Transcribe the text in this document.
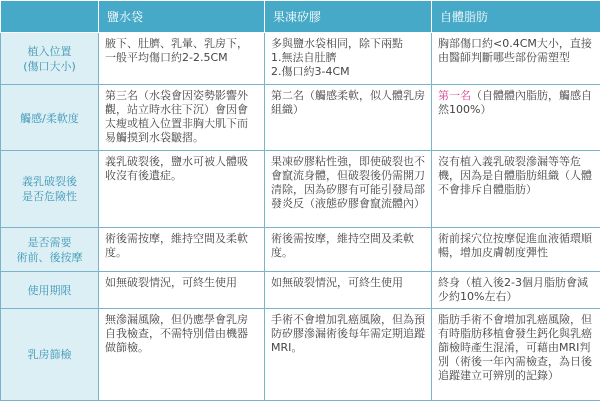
	鹽水袋	果凍矽膠	自體脂肪
植入位置
(傷口大小)	腋下、肚臍、乳暈、乳房下，一般平均傷口約2-2.5CM	多與鹽水袋相同，除下兩點
1.無法自肚臍
2.傷口約3-4CM	胸部傷口約<0.4CM大小，直接由醫師判斷哪些部份需塑型
觸感/柔軟度	第三名（水袋會因姿勢影響外觀，站立時水往下沉）會因會太瘦或植入位置非胸大肌下而易觸摸到水袋皺摺。	第二名（觸感柔軟，似人體乳房組織）	第一名（自體體內脂肪，觸感自然100%）
義乳破裂後
是否危險性	義乳破裂後，鹽水可被人體吸收沒有後遺症。	果凍矽膠粘性強，即使破裂也不會竄流身體，但破裂後仍需開刀清除，因為矽膠有可能引發局部發炎反（液態矽膠會竄流體內）	沒有植入義乳破裂滲漏等等危機，因為是自體脂肪組織（人體不會排斥自體脂肪）
是否需要
術前、後按摩	術後需按摩，維持空間及柔軟度。	術後需按摩，維持空間及柔軟度。	術前採穴位按摩促進血液循環順暢，增加皮膚韌度彈性
使用期限	如無破裂情況，可終生使用	如無破裂情況，可終生使用	終身（植入後2-3個月脂肪會減少約10%左右）
乳房篩檢	無滲漏風險，但仍應學會乳房自我檢查，不需特別借由機器做篩檢。	手術不會增加乳癌風險，但為預防矽膠滲漏術後每年需定期追蹤MRI。	脂肪手術不會增加乳癌風險，但有時脂肪移植會發生鈣化與乳癌篩檢時產生混淆，可藉由MRI判別（術後一年內需檢查，為日後追蹤建立可辨別的記錄）
